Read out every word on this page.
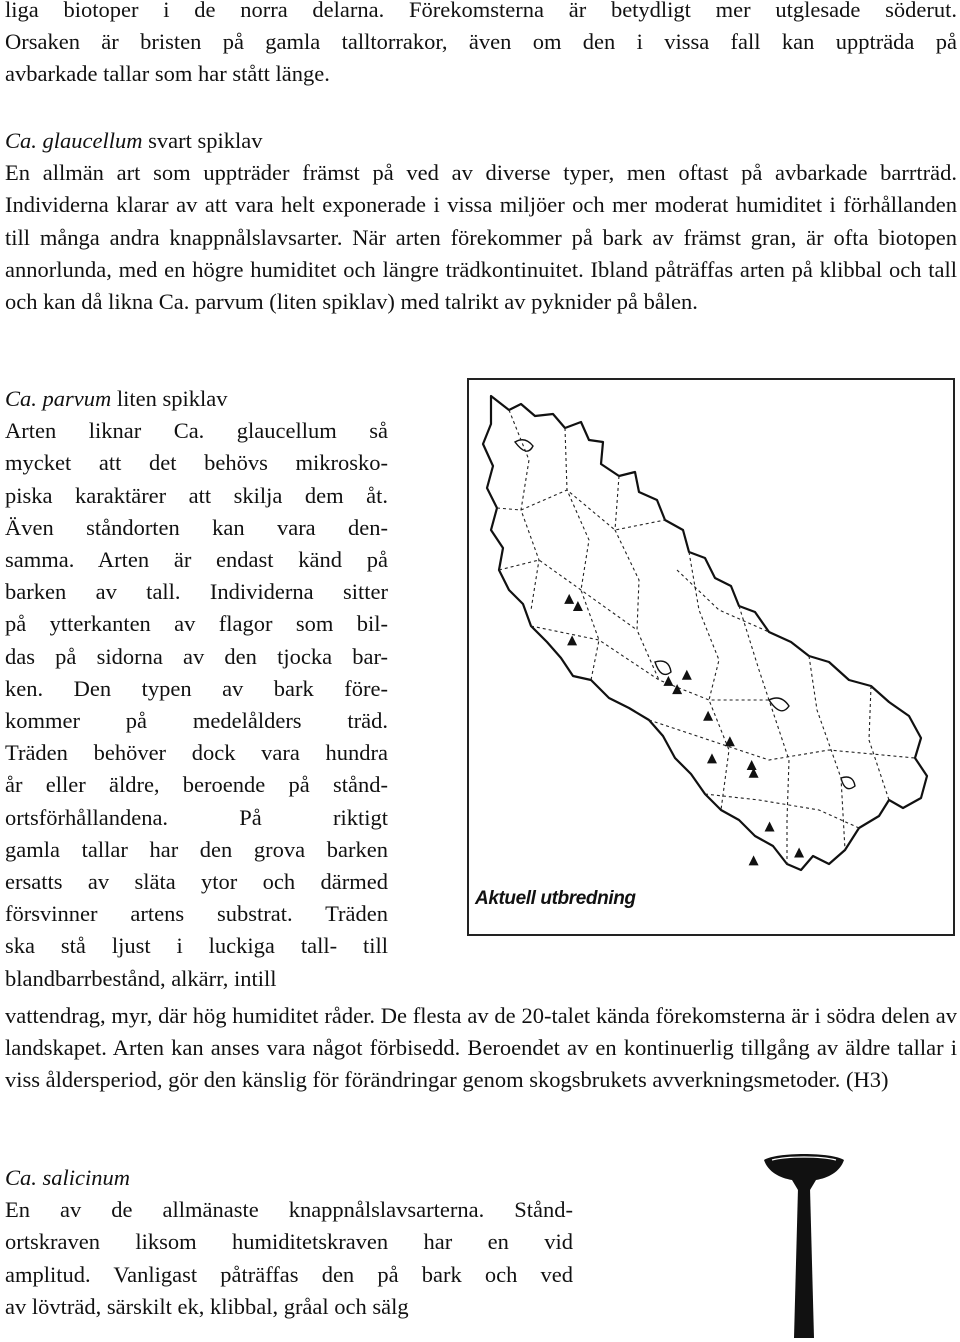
liga biotoper i de norra delarna. Förekomsterna är betydligt mer utglesade söderut.
Orsaken är bristen på gamla talltorrakor, även om den i vissa fall kan uppträda på
avbarkade tallar som har stått länge.
Ca. glaucellum svart spiklav
En allmän art som uppträder främst på ved av diverse typer, men oftast på avbarkade barrträd. Individerna klarar av att vara helt exponerade i vissa miljöer och mer moderat humiditet i förhållanden till många andra knappnålslavsarter. När arten förekommer på bark av främst gran, är ofta biotopen annorlunda, med en högre humiditet och längre trädkontinuitet. Ibland påträffas arten på klibbal och tall och kan då likna Ca. parvum (liten spiklav) med talrikt av pyknider på bålen.
Ca. parvum liten spiklav
Arten liknar Ca. glaucellum så
mycket att det behövs mikrosko-
piska karaktärer att skilja dem åt.
Även ståndorten kan vara den-
samma. Arten är endast känd på
barken av tall. Individerna sitter
på ytterkanten av flagor som bil-
das på sidorna av den tjocka bar-
ken. Den typen av bark före-
kommer på medelålders träd.
Träden behöver dock vara hundra
år eller äldre, beroende på stånd-
ortsförhållandena. På riktigt
gamla tallar har den grova barken
ersatts av släta ytor och därmed
försvinner artens substrat. Träden
ska stå ljust i luckiga tall- till
blandbarrbestånd, alkärr, intill
Aktuell utbredning
vattendrag, myr, där hög humiditet råder. De flesta av de 20-talet kända förekomsterna är i södra delen av landskapet. Arten kan anses vara något förbisedd. Beroendet av en kontinuerlig tillgång av äldre tallar i viss åldersperiod, gör den känslig för förändringar genom skogsbrukets avverkningsmetoder. (H3)
Ca. salicinum
En av de allmänaste knappnålslavsarterna. Stånd-
ortskraven liksom humiditetskraven har en vid
amplitud. Vanligast påträffas den på bark och ved
av lövträd, särskilt ek, klibbal, gråal och sälg
